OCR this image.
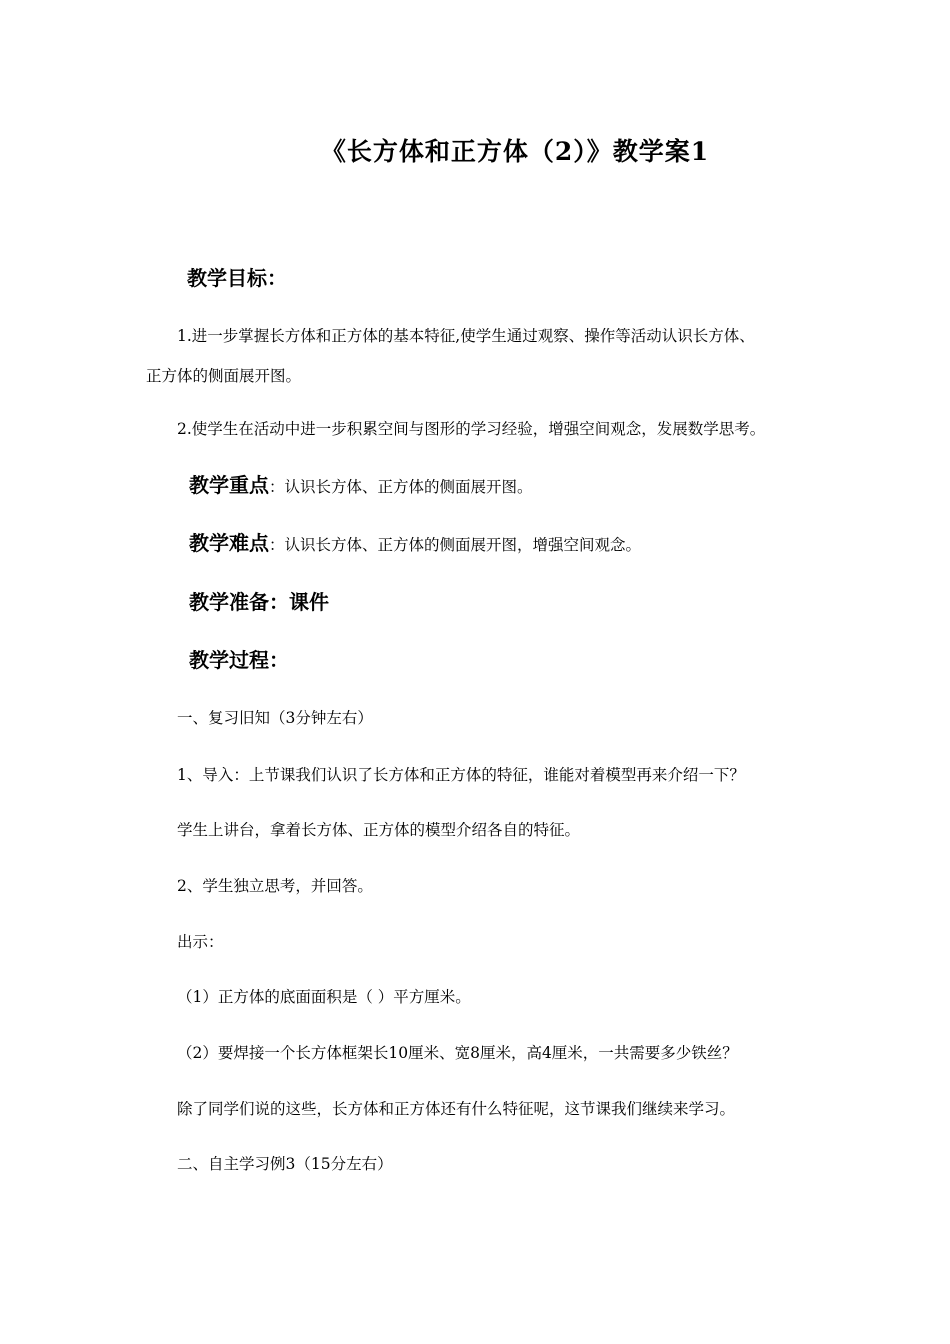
《长方体和正方体（2）》教学案1
教学目标：
1.进一步掌握长方体和正方体的基本特征,使学生通过观察、操作等活动认识长方体、
正方体的侧面展开图。
2.使学生在活动中进一步积累空间与图形的学习经验，增强空间观念，发展数学思考。
教学重点：认识长方体、正方体的侧面展开图。
教学难点：认识长方体、正方体的侧面展开图，增强空间观念。
教学准备：课件
教学过程：
一、复习旧知（3分钟左右）
1、导入：上节课我们认识了长方体和正方体的特征，谁能对着模型再来介绍一下？
学生上讲台，拿着长方体、正方体的模型介绍各自的特征。
2、学生独立思考，并回答。
出示：
（1）正方体的底面面积是（ ）平方厘米。
（2）要焊接一个长方体框架长10厘米、宽8厘米，高4厘米，一共需要多少铁丝？
除了同学们说的这些，长方体和正方体还有什么特征呢，这节课我们继续来学习。
二、自主学习例3（15分左右）
